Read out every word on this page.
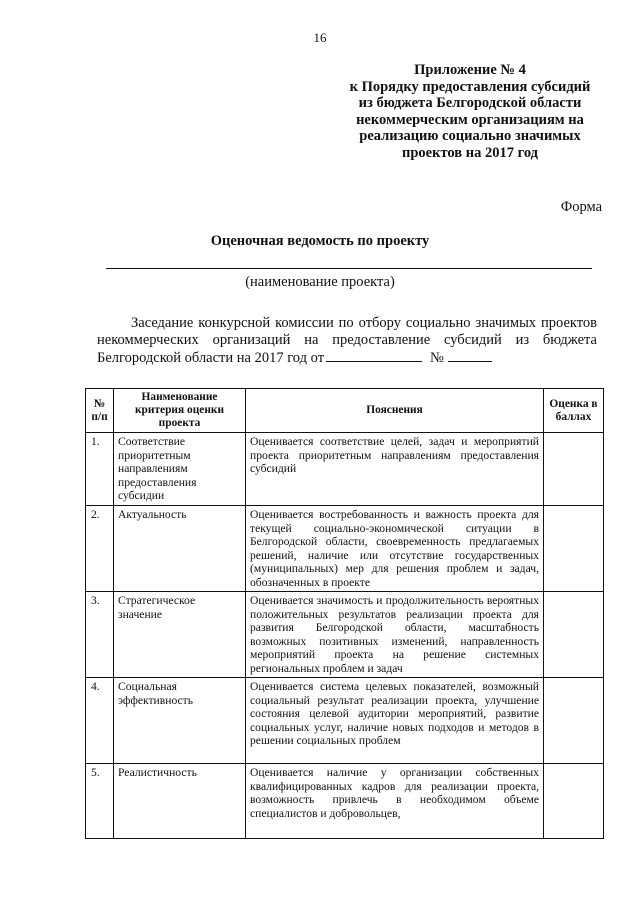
16
Приложение № 4
к Порядку предоставления субсидий
из бюджета Белгородской области
некоммерческим организациям на
реализацию социально значимых
проектов на 2017 год
Форма
Оценочная ведомость по проекту
(наименование проекта)
Заседание конкурсной комиссии по отбору социально значимых проектов некоммерческих организаций на предоставление субсидий из бюджета Белгородской области на 2017 год от	№
№ п/п	Наименование критерия оценки проекта	Пояснения	Оценка в баллах
1.	Соответствие приоритетным направлениям предоставления субсидии	Оценивается соответствие целей, задач и мероприятий проекта приоритетным направлениям предоставления субсидий	
2.	Актуальность	Оценивается востребованность и важность проекта для текущей социально-экономической ситуации в Белгородской области, своевременность предлагаемых решений, наличие или отсутствие государственных (муниципальных) мер для решения проблем и задач, обозначенных в проекте	
3.	Стратегическое значение	Оценивается значимость и продолжительность вероятных положительных результатов реализации проекта для развития Белгородской области, масштабность возможных позитивных изменений, направленность мероприятий проекта на решение системных региональных проблем и задач	
4.	Социальная эффективность	Оценивается система целевых показателей, возможный социальный результат реализации проекта, улучшение состояния целевой аудитории мероприятий, развитие социальных услуг, наличие новых подходов и методов в решении социальных проблем	
5.	Реалистичность	Оценивается наличие у организации собственных квалифицированных кадров для реализации проекта, возможность привлечь в необходимом объеме специалистов и добровольцев,	
